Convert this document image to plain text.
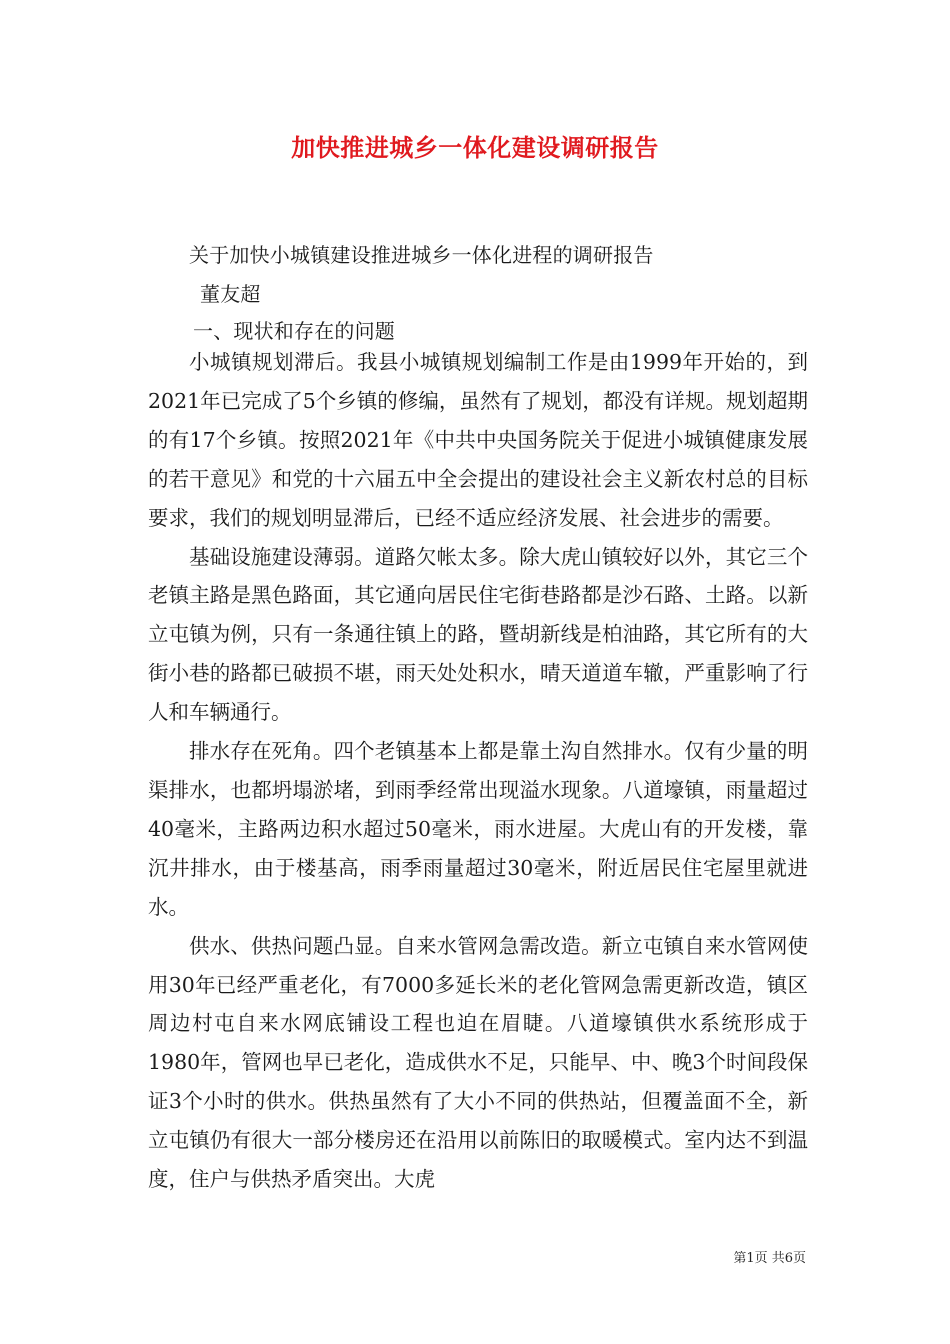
加快推进城乡一体化建设调研报告
关于加快小城镇建设推进城乡一体化进程的调研报告
董友超
一、现状和存在的问题

小城镇规划滞后。我县小城镇规划编制工作是由1999年开始的，到2021年已完成了5个乡镇的修编，虽然有了规划，都没有详规。规划超期的有17个乡镇。按照2021年《中共中央国务院关于促进小城镇健康发展的若干意见》和党的十六届五中全会提出的建设社会主义新农村总的目标要求，我们的规划明显滞后，已经不适应经济发展、社会进步的需要。

基础设施建设薄弱。道路欠帐太多。除大虎山镇较好以外，其它三个老镇主路是黑色路面，其它通向居民住宅街巷路都是沙石路、土路。以新立屯镇为例，只有一条通往镇上的路，暨胡新线是柏油路，其它所有的大街小巷的路都已破损不堪，雨天处处积水，晴天道道车辙，严重影响了行人和车辆通行。

排水存在死角。四个老镇基本上都是靠土沟自然排水。仅有少量的明渠排水，也都坍塌淤堵，到雨季经常出现溢水现象。八道壕镇，雨量超过40毫米，主路两边积水超过50毫米，雨水进屋。大虎山有的开发楼，靠沉井排水，由于楼基高，雨季雨量超过30毫米，附近居民住宅屋里就进水。

供水、供热问题凸显。自来水管网急需改造。新立屯镇自来水管网使用30年已经严重老化，有7000多延长米的老化管网急需更新改造，镇区周边村屯自来水网底铺设工程也迫在眉睫。八道壕镇供水系统形成于1980年，管网也早已老化，造成供水不足，只能早、中、晚3个时间段保证3个小时的供水。供热虽然有了大小不同的供热站，但覆盖面不全，新立屯镇仍有很大一部分楼房还在沿用以前陈旧的取暖模式。室内达不到温度，住户与供热矛盾突出。大虎

第1页 共6页
